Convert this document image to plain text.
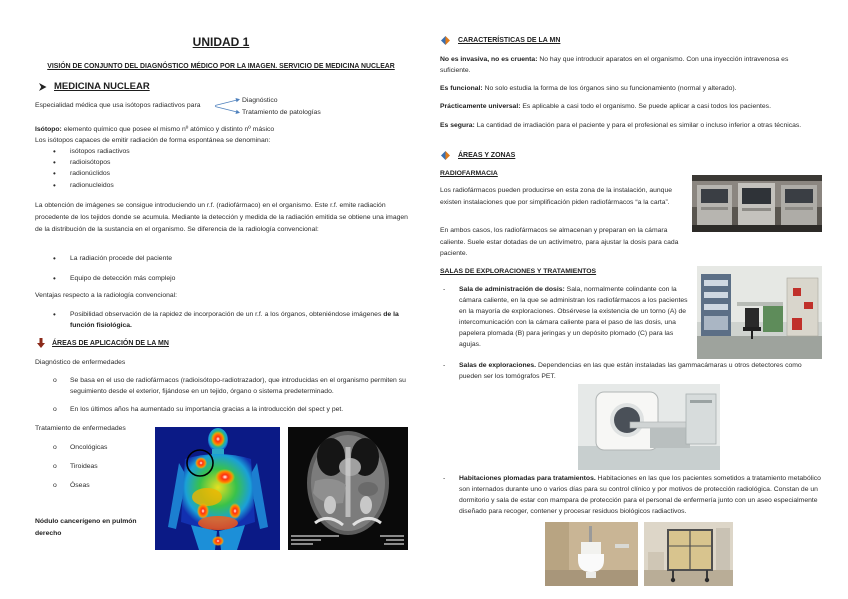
UNIDAD 1
VISIÓN DE CONJUNTO DEL DIAGNÓSTICO MÉDICO POR LA IMAGEN. SERVICIO DE MEDICINA NUCLEAR
MEDICINA NUCLEAR
Especialidad médica que usa isótopos radiactivos para
Diagnóstico
Tratamiento de patologías
Isótopo: elemento químico que posee el mismo nº atómico y distinto nº másico
Los isótopos capaces de emitir radiación de forma espontánea se denominan:
• isótopos radiactivos
• radioisótopos
• radionúclidos
• radionucleidos
La obtención de imágenes se consigue introduciendo un r.f. (radiofármaco) en el organismo. Este r.f. emite radiación procedente de los tejidos donde se acumula. Mediante la detección y medida de la radiación emitida se obtiene una imagen de la distribución de la sustancia en el organismo. Se diferencia de la radiología convencional:
• La radiación procede del paciente
• Equipo de detección más complejo
Ventajas respecto a la radiología convencional:
• Posibilidad observación de la rapidez de incorporación de un r.f. a los órganos, obteniéndose imágenes de la función fisiológica.
ÁREAS DE APLICACIÓN DE LA MN
Diagnóstico de enfermedades
o Se basa en el uso de radiofármacos (radioisótopo-radiotrazador), que introducidas en el organismo permiten su seguimiento desde el exterior, fijándose en un tejido, órgano o sistema predeterminado.
o En los últimos años ha aumentado su importancia gracias a la introducción del spect y pet.
Tratamiento de enfermedades
o Oncológicas
o Tiroideas
o Óseas
Nódulo cancerígeno en pulmón derecho
CARACTERÍSTICAS DE LA MN
No es invasiva, no es cruenta: No hay que introducir aparatos en el organismo. Con una inyección intravenosa es suficiente.
Es funcional: No solo estudia la forma de los órganos sino su funcionamiento (normal y alterado).
Prácticamente universal: Es aplicable a casi todo el organismo. Se puede aplicar a casi todos los pacientes.
Es segura: La cantidad de irradiación para el paciente y para el profesional es similar o incluso inferior a otras técnicas.
ÁREAS Y ZONAS
RADIOFARMACIA
Los radiofármacos pueden producirse en esta zona de la instalación, aunque existen instalaciones que por simplificación piden radiofármacos “a la carta”.
En ambos casos, los radiofármacos se almacenan y preparan en la cámara caliente. Suele estar dotadas de un activímetro, para ajustar la dosis para cada paciente.
SALAS DE EXPLORACIONES Y TRATAMIENTOS
- Sala de administración de dosis: Sala, normalmente colindante con la cámara caliente, en la que se administran los radiofármacos a los pacientes en la mayoría de exploraciones. Obsérvese la existencia de un torno (A) de intercomunicación con la cámara caliente para el paso de las dosis, una papelera plomada (B) para jeringas y un depósito plomado (C) para las agujas.
- Salas de exploraciones. Dependencias en las que están instaladas las gammacámaras u otros detectores como pueden ser los tomógrafos PET.
- Habitaciones plomadas para tratamientos. Habitaciones en las que los pacientes sometidos a tratamiento metabólico son internados durante uno o varios días para su control clínico y por motivos de protección radiológica. Constan de un dormitorio y sala de estar con mampara de protección para el personal de enfermería junto con un aseo especialmente diseñado para recoger, contener y procesar residuos biológicos radiactivos.
